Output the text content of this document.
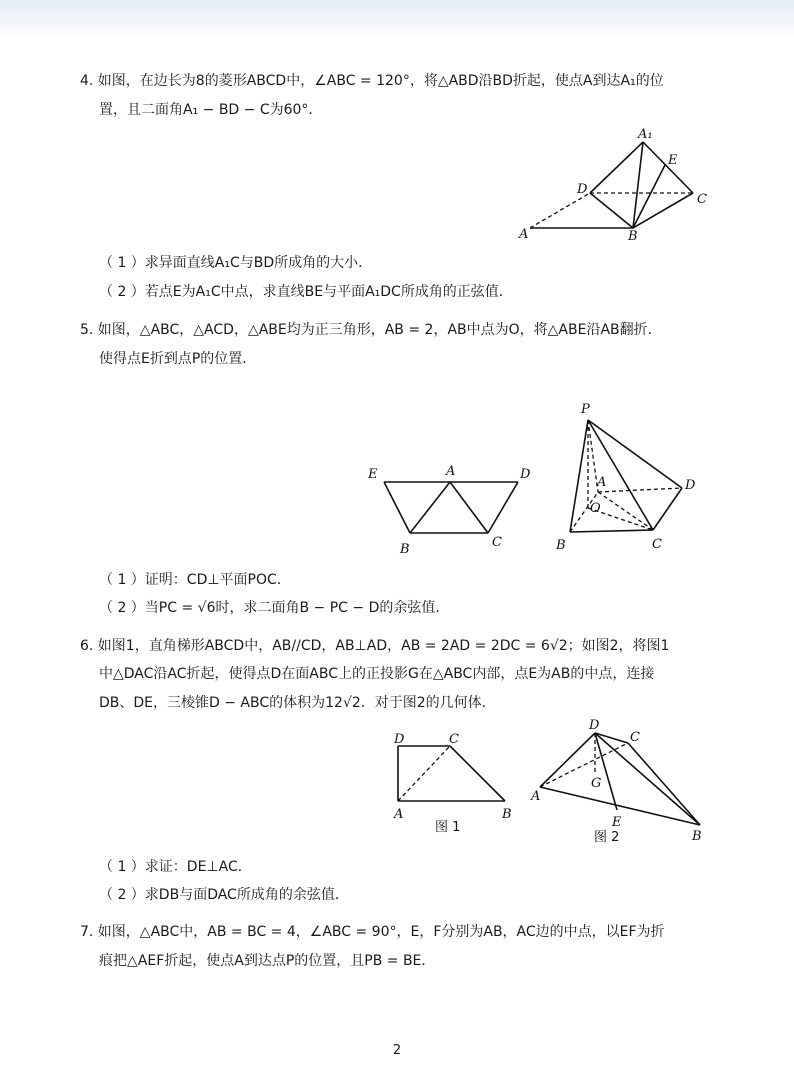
4. 如图，在边长为8的菱形ABCD中，∠ABC = 120°，将△ABD沿BD折起，使点A到达A₁的位
置，且二面角A₁ − BD − C为60°．
A₁
E
D
C
A	B
（ 1 ）求异面直线A₁C与BD所成角的大小．
（ 2 ）若点E为A₁C中点，求直线BE与平面A₁DC所成角的正弦值．
5. 如图，△ABC，△ACD，△ABE均为正三角形，AB = 2，AB中点为O，将△ABE沿AB翻折．
使得点E折到点P的位置．
E	A	D
B	C
P
A	D
O
B	C
（ 1 ）证明：CD⊥平面POC．
（ 2 ）当PC = √6时，求二面角B − PC − D的余弦值．
6. 如图1，直角梯形ABCD中，AB//CD，AB⊥AD，AB = 2AD = 2DC = 6√2；如图2，将图1
中△DAC沿AC折起，使得点D在面ABC上的正投影G在△ABC内部，点E为AB的中点，连接
DB、DE，三棱锥D − ABC的体积为12√2．对于图2的几何体．
D	C
A	B
图 1
D
C
G
A
E
B
图 2
（ 1 ）求证：DE⊥AC．
（ 2 ）求DB与面DAC所成角的余弦值．
7. 如图，△ABC中，AB = BC = 4，∠ABC = 90°，E，F分别为AB，AC边的中点，以EF为折
痕把△AEF折起，使点A到达点P的位置，且PB = BE．
2
